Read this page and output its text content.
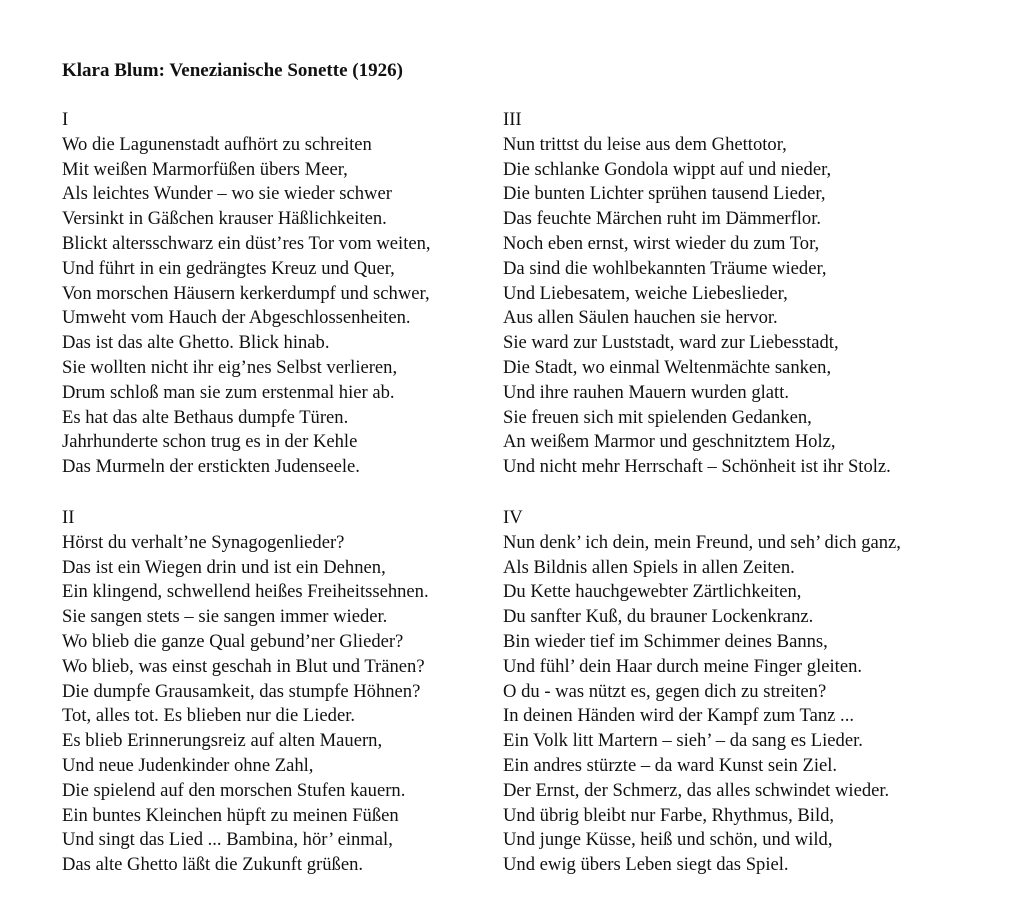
Klara Blum: Venezianische Sonette (1926)
I
Wo die Lagunenstadt aufhört zu schreiten
Mit weißen Marmorfüßen übers Meer,
Als leichtes Wunder – wo sie wieder schwer
Versinkt in Gäßchen krauser Häßlichkeiten.
Blickt altersschwarz ein düst’res Tor vom weiten,
Und führt in ein gedrängtes Kreuz und Quer,
Von morschen Häusern kerkerdumpf und schwer,
Umweht vom Hauch der Abgeschlossenheiten.
Das ist das alte Ghetto. Blick hinab.
Sie wollten nicht ihr eig’nes Selbst verlieren,
Drum schloß man sie zum erstenmal hier ab.
Es hat das alte Bethaus dumpfe Türen.
Jahrhunderte schon trug es in der Kehle
Das Murmeln der erstickten Judenseele.
II
Hörst du verhalt’ne Synagogenlieder?
Das ist ein Wiegen drin und ist ein Dehnen,
Ein klingend, schwellend heißes Freiheitssehnen.
Sie sangen stets – sie sangen immer wieder.
Wo blieb die ganze Qual gebund’ner Glieder?
Wo blieb, was einst geschah in Blut und Tränen?
Die dumpfe Grausamkeit, das stumpfe Höhnen?
Tot, alles tot. Es blieben nur die Lieder.
Es blieb Erinnerungsreiz auf alten Mauern,
Und neue Judenkinder ohne Zahl,
Die spielend auf den morschen Stufen kauern.
Ein buntes Kleinchen hüpft zu meinen Füßen
Und singt das Lied ... Bambina, hör’ einmal,
Das alte Ghetto läßt die Zukunft grüßen.
III
Nun trittst du leise aus dem Ghettotor,
Die schlanke Gondola wippt auf und nieder,
Die bunten Lichter sprühen tausend Lieder,
Das feuchte Märchen ruht im Dämmerflor.
Noch eben ernst, wirst wieder du zum Tor,
Da sind die wohlbekannten Träume wieder,
Und Liebesatem, weiche Liebeslieder,
Aus allen Säulen hauchen sie hervor.
Sie ward zur Luststadt, ward zur Liebesstadt,
Die Stadt, wo einmal Weltenmächte sanken,
Und ihre rauhen Mauern wurden glatt.
Sie freuen sich mit spielenden Gedanken,
An weißem Marmor und geschnitztem Holz,
Und nicht mehr Herrschaft – Schönheit ist ihr Stolz.
IV
Nun denk’ ich dein, mein Freund, und seh’ dich ganz,
Als Bildnis allen Spiels in allen Zeiten.
Du Kette hauchgewebter Zärtlichkeiten,
Du sanfter Kuß, du brauner Lockenkranz.
Bin wieder tief im Schimmer deines Banns,
Und fühl’ dein Haar durch meine Finger gleiten.
O du - was nützt es, gegen dich zu streiten?
In deinen Händen wird der Kampf zum Tanz ...
Ein Volk litt Martern – sieh’ – da sang es Lieder.
Ein andres stürzte – da ward Kunst sein Ziel.
Der Ernst, der Schmerz, das alles schwindet wieder.
Und übrig bleibt nur Farbe, Rhythmus, Bild,
Und junge Küsse, heiß und schön, und wild,
Und ewig übers Leben siegt das Spiel.
